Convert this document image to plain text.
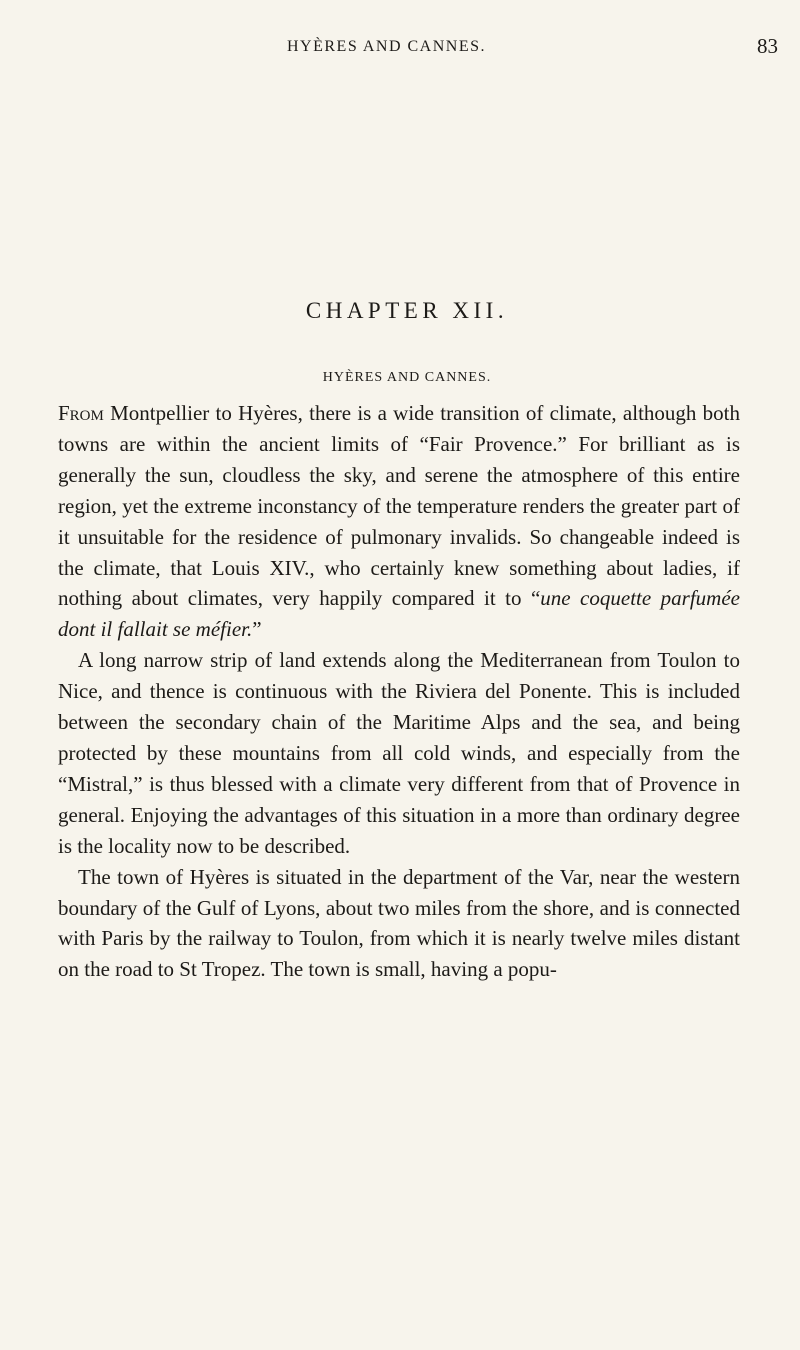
HYÈRES AND CANNES.	83
CHAPTER XII.
HYÈRES AND CANNES.

From Montpellier to Hyères, there is a wide transition of climate, although both towns are within the ancient limits of “Fair Provence.” For brilliant as is generally the sun, cloudless the sky, and serene the atmosphere of this entire region, yet the extreme inconstancy of the temperature renders the greater part of it unsuitable for the residence of pulmonary invalids. So changeable indeed is the climate, that Louis XIV., who certainly knew something about ladies, if nothing about climates, very happily compared it to “une coquette parfumée dont il fallait se méfier.”

A long narrow strip of land extends along the Mediterranean from Toulon to Nice, and thence is continuous with the Riviera del Ponente. This is included between the secondary chain of the Maritime Alps and the sea, and being protected by these mountains from all cold winds, and especially from the “Mistral,” is thus blessed with a climate very different from that of Provence in general. Enjoying the advantages of this situation in a more than ordinary degree is the locality now to be described.

The town of Hyères is situated in the department of the Var, near the western boundary of the Gulf of Lyons, about two miles from the shore, and is connected with Paris by the railway to Toulon, from which it is nearly twelve miles distant on the road to St Tropez. The town is small, having a popu-
